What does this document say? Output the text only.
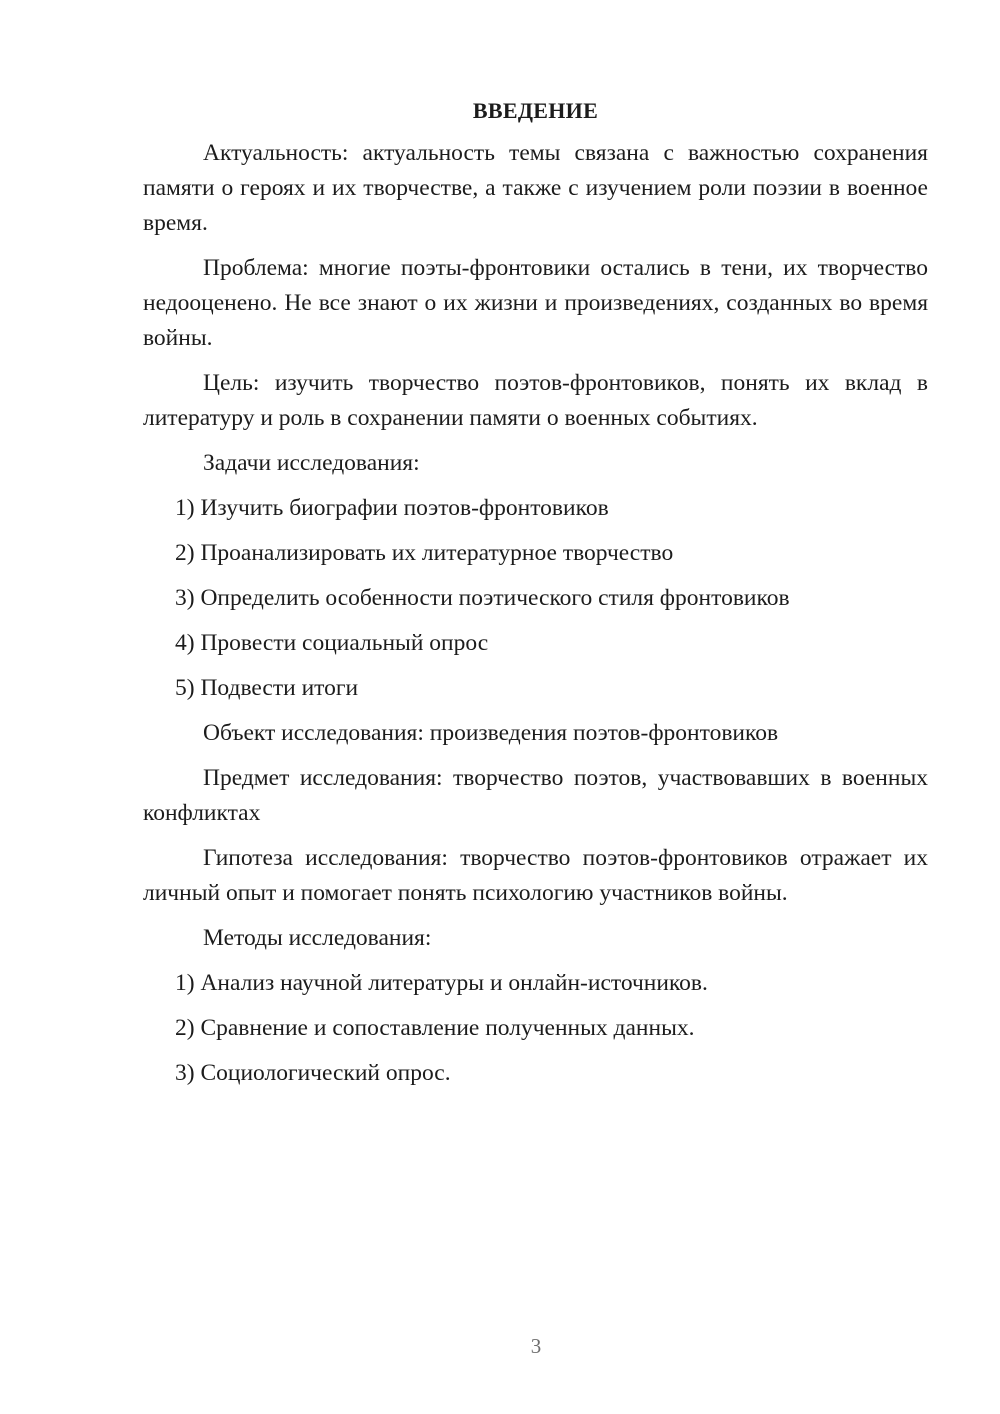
ВВЕДЕНИЕ

Актуальность: актуальность темы связана с важностью сохранения памяти о героях и их творчестве, а также с изучением роли поэзии в военное время.

Проблема: многие поэты-фронтовики остались в тени, их творчество недооценено. Не все знают о их жизни и произведениях, созданных во время войны.

Цель: изучить творчество поэтов-фронтовиков, понять их вклад в литературу и роль в сохранении памяти о военных событиях.

Задачи исследования:

1) Изучить биографии поэтов-фронтовиков
2) Проанализировать их литературное творчество
3) Определить особенности поэтического стиля фронтовиков
4) Провести социальный опрос
5) Подвести итоги

Объект исследования: произведения поэтов-фронтовиков

Предмет исследования: творчество поэтов, участвовавших в военных конфликтах

Гипотеза исследования: творчество поэтов-фронтовиков отражает их личный опыт и помогает понять психологию участников войны.

Методы исследования:

1) Анализ научной литературы и онлайн-источников.
2) Сравнение и сопоставление полученных данных.
3) Социологический опрос.
3
